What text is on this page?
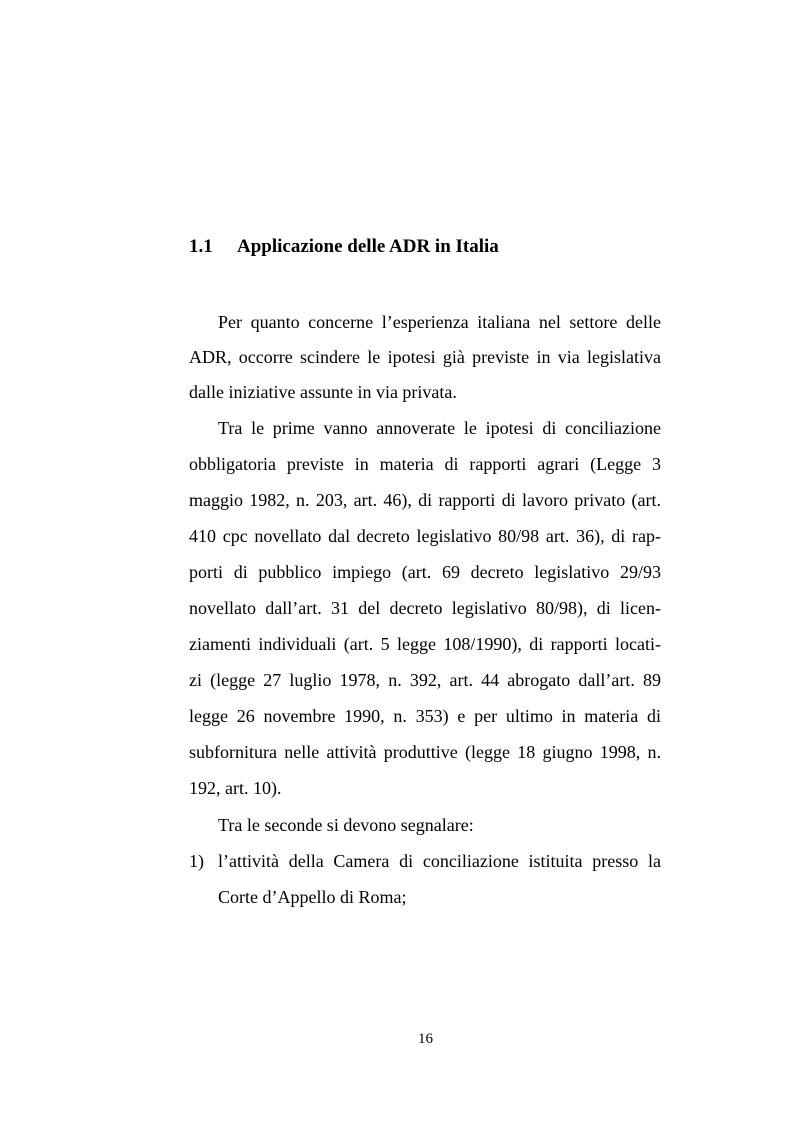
1.1 Applicazione delle ADR in Italia
Per quanto concerne l’esperienza italiana nel settore delle
ADR, occorre scindere le ipotesi già previste in via legislativa
dalle iniziative assunte in via privata.
Tra le prime vanno annoverate le ipotesi di conciliazione
obbligatoria previste in materia di rapporti agrari (Legge 3
maggio 1982, n. 203, art. 46), di rapporti di lavoro privato (art.
410 cpc novellato dal decreto legislativo 80/98 art. 36), di rap-
porti di pubblico impiego (art. 69 decreto legislativo 29/93
novellato dall’art. 31 del decreto legislativo 80/98), di licen-
ziamenti individuali (art. 5 legge 108/1990), di rapporti locati-
zi (legge 27 luglio 1978, n. 392, art. 44 abrogato dall’art. 89
legge 26 novembre 1990, n. 353) e per ultimo in materia di
subfornitura nelle attività produttive (legge 18 giugno 1998, n.
192, art. 10).
Tra le seconde si devono segnalare:
1) l’attività della Camera di conciliazione istituita presso la
Corte d’Appello di Roma;
16
